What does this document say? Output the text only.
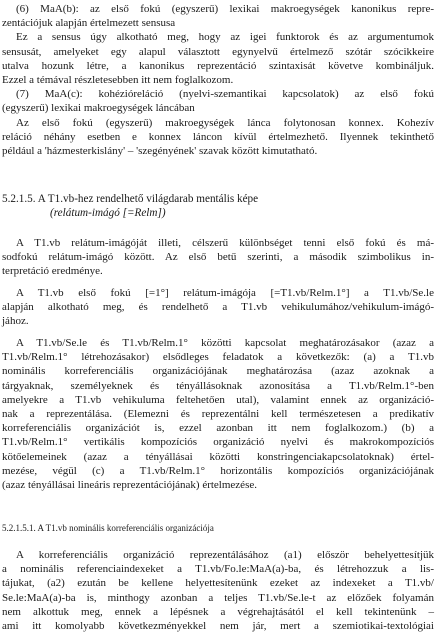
(6) MaA(b): az első fokú (egyszerű) lexikai makroegységek kanonikus repre-
zentációjuk alapján értelmezett sensusa
Ez a sensus úgy alkotható meg, hogy az igei funktorok és az argumentumok
sensusát, amelyeket egy alapul választott egynyelvű értelmező szótár szócikkeire
utalva hozunk létre, a kanonikus reprezentáció szintaxisát követve kombináljuk.
Ezzel a témával részletesebben itt nem foglalkozom.
(7) MaA(c): kohézióreláció (nyelvi-szemantikai kapcsolatok) az első fokú
(egyszerű) lexikai makroegységek láncában
Az első fokú (egyszerű) makroegységek lánca folytonosan konnex. Kohezív
reláció néhány esetben e konnex láncon kívül értelmezhető. Ilyennek tekinthető
például a 'házmesterkislány' – 'szegényének' szavak között kimutatható.
5.2.1.5. A T1.vb-hez rendelhető világdarab mentális képe
(relátum-imágó [=Relm])
A T1.vb relátum-imágóját illeti, célszerű különbséget tenni első fokú és má-
sodfokú relátum-imágó között. Az első betű szerinti, a második szimbolikus in-
terpretáció eredménye.
A T1.vb első fokú [=1°] relátum-imágója [=T1.vb/Relm.1°] a T1.vb/Se.le
alapján alkotható meg, és rendelhető a T1.vb vehikulumához/vehikulum-imágó-
jához.
A T1.vb/Se.le és T1.vb/Relm.1° közötti kapcsolat meghatározásakor (azaz a
T1.vb/Relm.1° létrehozásakor) elsődleges feladatok a következők: (a) a T1.vb
nominális korreferenciális organizációjának meghatározása (azaz azoknak a
tárgyaknak, személyeknek és tényállásoknak azonosítása a T1.vb/Relm.1°-ben
amelyekre a T1.vb vehikuluma feltehetően utal), valamint ennek az organizáció-
nak a reprezentálása. (Elemezni és reprezentálni kell természetesen a predikatív
korreferenciális organizációt is, ezzel azonban itt nem foglalkozom.) (b) a
T1.vb/Relm.1° vertikális kompozíciós organizáció nyelvi és makrokompozíciós
kötőelemeinek (azaz a tényállásai közötti konstringenciakapcsolatoknak) értel-
mezése, végül (c) a T1.vb/Relm.1° horizontális kompozíciós organizációjának
(azaz tényállásai lineáris reprezentációjának) értelmezése.
5.2.1.5.1. A T1.vb nominális korreferenciális organizációja
A korreferenciális organizáció reprezentálásához (a1) először behelyettesítjük
a nominális referenciaindexeket a T1.vb/Fo.le:MaA(a)-ba, és létrehozzuk a lis-
tájukat, (a2) ezután be kellene helyettesítenünk ezeket az indexeket a T1.vb/
Se.le:MaA(a)-ba is, minthogy azonban a teljes T1.vb/Se.le-t az előzőek folyamán
nem alkottuk meg, ennek a lépésnek a végrehajtásától el kell tekintenünk –
ami itt komolyabb következményekkel nem jár, mert a szemiotikai-textológiai
